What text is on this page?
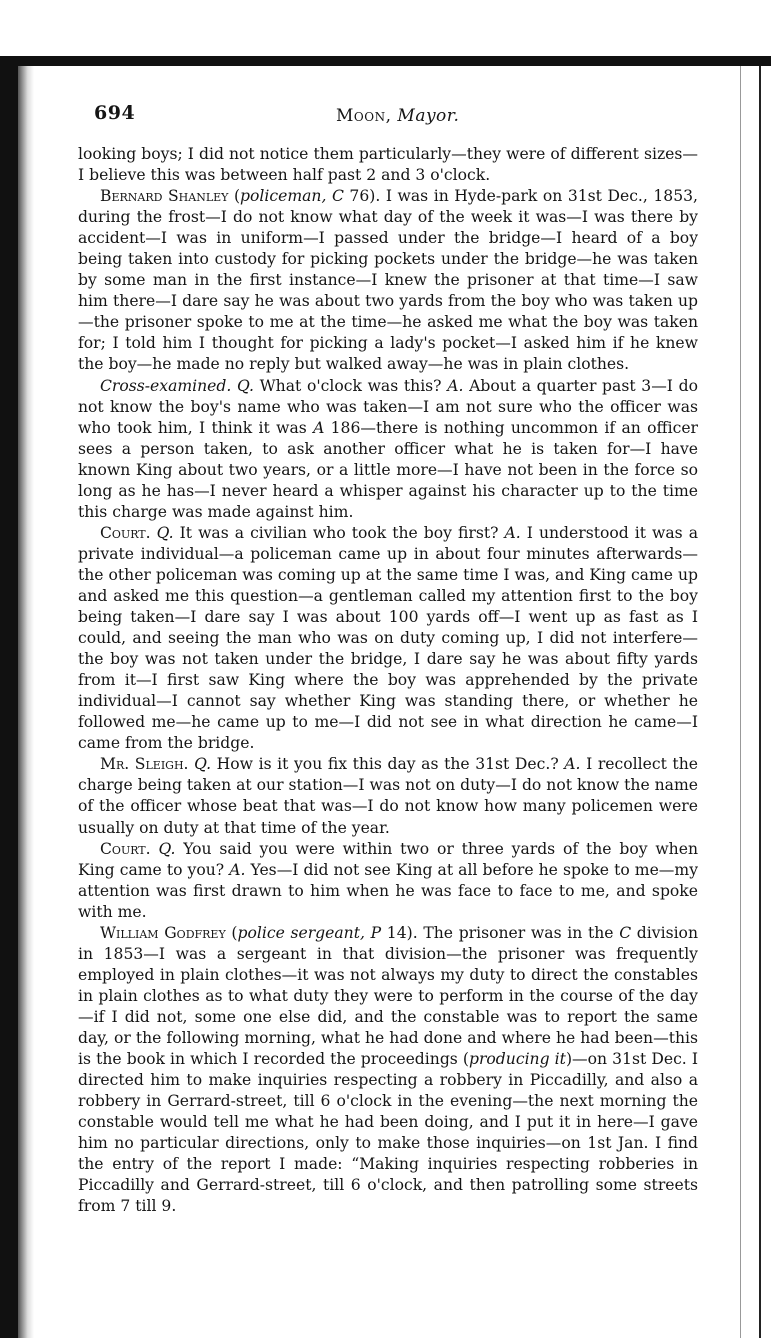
694	Moon, Mayor.

looking boys; I did not notice them particularly—they were of different sizes—I believe this was between half past 2 and 3 o'clock.

Bernard Shanley (policeman, C 76). I was in Hyde-park on 31st Dec., 1853, during the frost—I do not know what day of the week it was—I was there by accident—I was in uniform—I passed under the bridge—I heard of a boy being taken into custody for picking pockets under the bridge—he was taken by some man in the first instance—I knew the prisoner at that time—I saw him there—I dare say he was about two yards from the boy who was taken up—the prisoner spoke to me at the time—he asked me what the boy was taken for; I told him I thought for picking a lady's pocket—I asked him if he knew the boy—he made no reply but walked away—he was in plain clothes.

Cross-examined. Q. What o'clock was this? A. About a quarter past 3—I do not know the boy's name who was taken—I am not sure who the officer was who took him, I think it was A 186—there is nothing uncommon if an officer sees a person taken, to ask another officer what he is taken for—I have known King about two years, or a little more—I have not been in the force so long as he has—I never heard a whisper against his character up to the time this charge was made against him.

Court. Q. It was a civilian who took the boy first? A. I understood it was a private individual—a policeman came up in about four minutes afterwards—the other policeman was coming up at the same time I was, and King came up and asked me this question—a gentleman called my attention first to the boy being taken—I dare say I was about 100 yards off—I went up as fast as I could, and seeing the man who was on duty coming up, I did not interfere—the boy was not taken under the bridge, I dare say he was about fifty yards from it—I first saw King where the boy was apprehended by the private individual—I cannot say whether King was standing there, or whether he followed me—he came up to me—I did not see in what direction he came—I came from the bridge.

Mr. Sleigh. Q. How is it you fix this day as the 31st Dec.? A. I recollect the charge being taken at our station—I was not on duty—I do not know the name of the officer whose beat that was—I do not know how many policemen were usually on duty at that time of the year.

Court. Q. You said you were within two or three yards of the boy when King came to you? A. Yes—I did not see King at all before he spoke to me—my attention was first drawn to him when he was face to face to me, and spoke with me.

William Godfrey (police sergeant, P 14). The prisoner was in the C division in 1853—I was a sergeant in that division—the prisoner was frequently employed in plain clothes—it was not always my duty to direct the constables in plain clothes as to what duty they were to perform in the course of the day—if I did not, some one else did, and the constable was to report the same day, or the following morning, what he had done and where he had been—this is the book in which I recorded the proceedings (producing it)—on 31st Dec. I directed him to make inquiries respecting a robbery in Piccadilly, and also a robbery in Gerrard-street, till 6 o'clock in the evening—the next morning the constable would tell me what he had been doing, and I put it in here—I gave him no particular directions, only to make those inquiries—on 1st Jan. I find the entry of the report I made: “Making inquiries respecting robberies in Piccadilly and Gerrard-street, till 6 o'clock, and then patrolling some streets from 7 till 9.
